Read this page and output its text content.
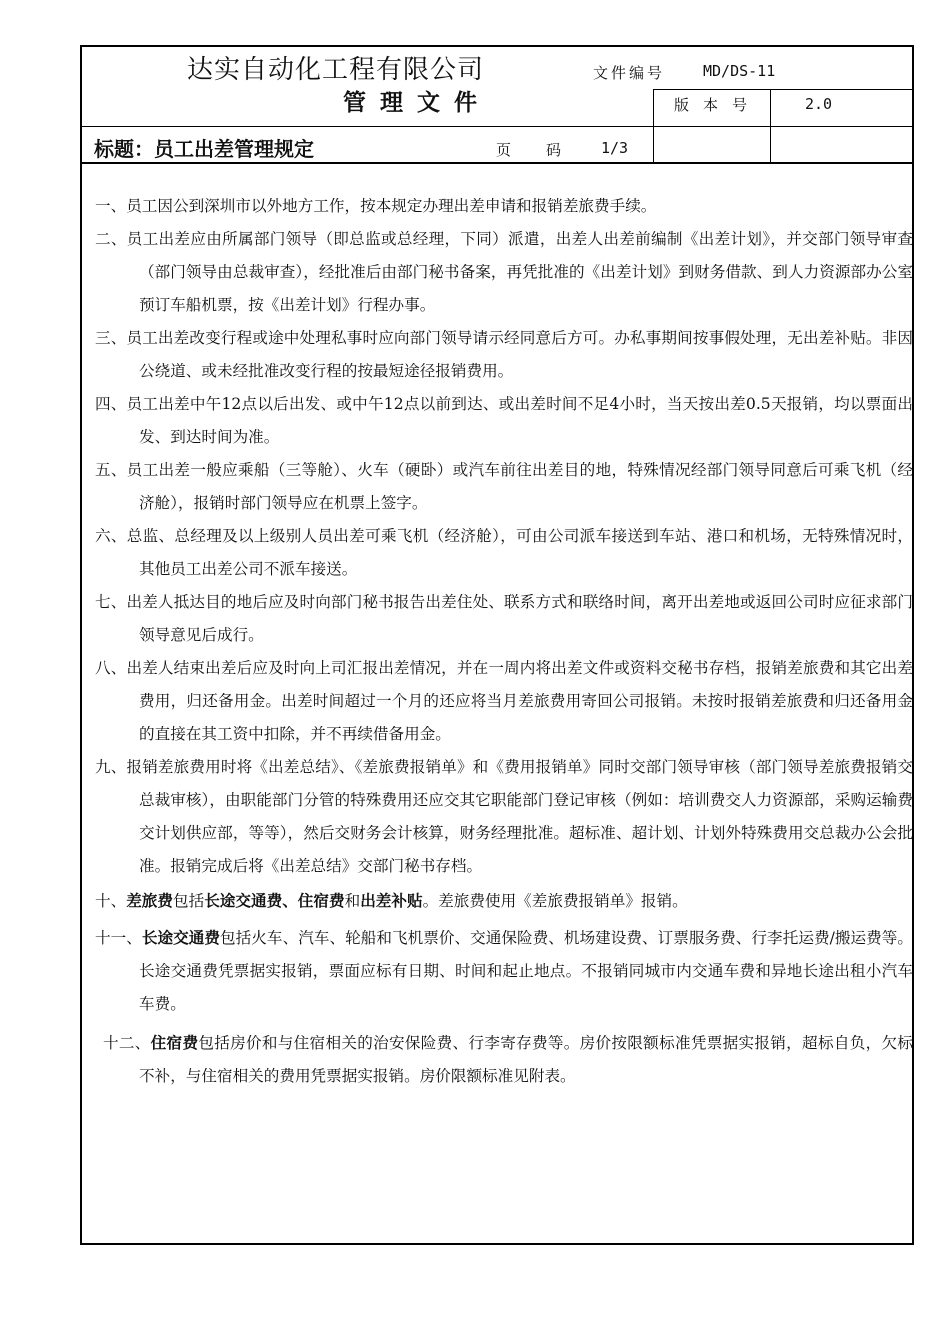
达实自动化工程有限公司
管理文件
文件编号	MD/DS-11
版本号	2.0
标题：员工出差管理规定	页　码 1/3

一、员工因公到深圳市以外地方工作，按本规定办理出差申请和报销差旅费手续。

二、员工出差应由所属部门领导（即总监或总经理，下同）派遣，出差人出差前编制《出差计划》，并交部门领导审查（部门领导由总裁审查），经批准后由部门秘书备案，再凭批准的《出差计划》到财务借款、到人力资源部办公室预订车船机票，按《出差计划》行程办事。

三、员工出差改变行程或途中处理私事时应向部门领导请示经同意后方可。办私事期间按事假处理，无出差补贴。非因公绕道、或未经批准改变行程的按最短途径报销费用。

四、员工出差中午12点以后出发、或中午12点以前到达、或出差时间不足4小时，当天按出差0.5天报销，均以票面出发、到达时间为准。

五、员工出差一般应乘船（三等舱）、火车（硬卧）或汽车前往出差目的地，特殊情况经部门领导同意后可乘飞机（经济舱），报销时部门领导应在机票上签字。

六、总监、总经理及以上级别人员出差可乘飞机（经济舱），可由公司派车接送到车站、港口和机场，无特殊情况时，其他员工出差公司不派车接送。

七、出差人抵达目的地后应及时向部门秘书报告出差住处、联系方式和联络时间，离开出差地或返回公司时应征求部门领导意见后成行。

八、出差人结束出差后应及时向上司汇报出差情况，并在一周内将出差文件或资料交秘书存档，报销差旅费和其它出差费用，归还备用金。出差时间超过一个月的还应将当月差旅费用寄回公司报销。未按时报销差旅费和归还备用金的直接在其工资中扣除，并不再续借备用金。

九、报销差旅费用时将《出差总结》、《差旅费报销单》和《费用报销单》同时交部门领导审核（部门领导差旅费报销交总裁审核），由职能部门分管的特殊费用还应交其它职能部门登记审核（例如：培训费交人力资源部，采购运输费交计划供应部，等等），然后交财务会计核算，财务经理批准。超标准、超计划、计划外特殊费用交总裁办公会批准。报销完成后将《出差总结》交部门秘书存档。

十、差旅费包括长途交通费、住宿费和出差补贴。差旅费使用《差旅费报销单》报销。

十一、长途交通费包括火车、汽车、轮船和飞机票价、交通保险费、机场建设费、订票服务费、行李托运费/搬运费等。长途交通费凭票据实报销，票面应标有日期、时间和起止地点。不报销同城市内交通车费和异地长途出租小汽车车费。

十二、住宿费包括房价和与住宿相关的治安保险费、行李寄存费等。房价按限额标准凭票据实报销，超标自负，欠标不补，与住宿相关的费用凭票据实报销。房价限额标准见附表。
